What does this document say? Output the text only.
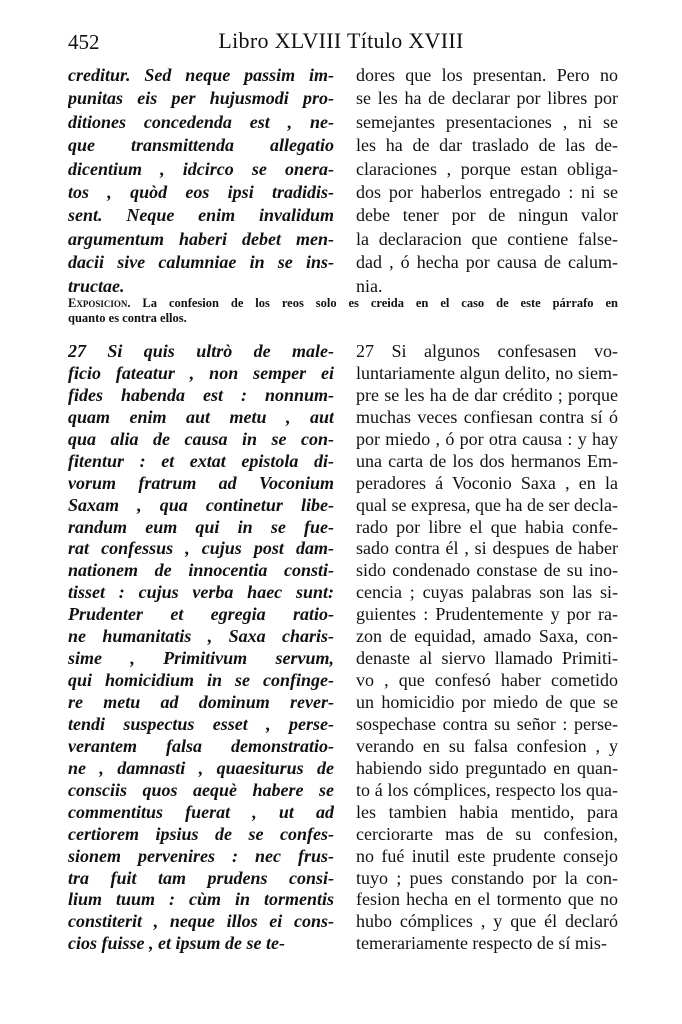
452	Libro XLVIII Título XVIII
creditur. Sed neque passim im-
punitas eis per hujusmodi pro-
ditiones concedenda est , ne-
que transmittenda allegatio
dicentium , idcirco se onera-
tos , quòd eos ipsi tradidis-
sent. Neque enim invalidum
argumentum haberi debet men-
dacii sive calumniae in se ins-
tructae.
dores que los presentan. Pero no
se les ha de declarar por libres por
semejantes presentaciones , ni se
les ha de dar traslado de las de-
claraciones , porque estan obliga-
dos por haberlos entregado : ni se
debe tener por de ningun valor
la declaracion que contiene false-
dad , ó hecha por causa de calum-
nia.
Exposicion. La confesion de los reos solo es creida en el caso de este párrafo en
quanto es contra ellos.
27 Si quis ultrò de male-
ficio fateatur , non semper ei
fides habenda est : nonnum-
quam enim aut metu , aut
qua alia de causa in se con-
fitentur : et extat epistola di-
vorum fratrum ad Voconium
Saxam , qua continetur libe-
randum eum qui in se fue-
rat confessus , cujus post dam-
nationem de innocentia consti-
tisset : cujus verba haec sunt:
Prudenter et egregia ratio-
ne humanitatis , Saxa charis-
sime , Primitivum servum,
qui homicidium in se confinge-
re metu ad dominum rever-
tendi suspectus esset , perse-
verantem falsa demonstratio-
ne , damnasti , quaesiturus de
consciis quos aequè habere se
commentitus fuerat , ut ad
certiorem ipsius de se confes-
sionem pervenires : nec frus-
tra fuit tam prudens consi-
lium tuum : cùm in tormentis
constiterit , neque illos ei cons-
cios fuisse , et ipsum de se te-
27 Si algunos confesasen vo-
luntariamente algun delito, no siem-
pre se les ha de dar crédito ; porque
muchas veces confiesan contra sí ó
por miedo , ó por otra causa : y hay
una carta de los dos hermanos Em-
peradores á Voconio Saxa , en la
qual se expresa, que ha de ser decla-
rado por libre el que habia confe-
sado contra él , si despues de haber
sido condenado constase de su ino-
cencia ; cuyas palabras son las si-
guientes : Prudentemente y por ra-
zon de equidad, amado Saxa, con-
denaste al siervo llamado Primiti-
vo , que confesó haber cometido
un homicidio por miedo de que se
sospechase contra su señor : perse-
verando en su falsa confesion , y
habiendo sido preguntado en quan-
to á los cómplices, respecto los qua-
les tambien habia mentido, para
cerciorarte mas de su confesion,
no fué inutil este prudente consejo
tuyo ; pues constando por la con-
fesion hecha en el tormento que no
hubo cómplices , y que él declaró
temerariamente respecto de sí mis-
